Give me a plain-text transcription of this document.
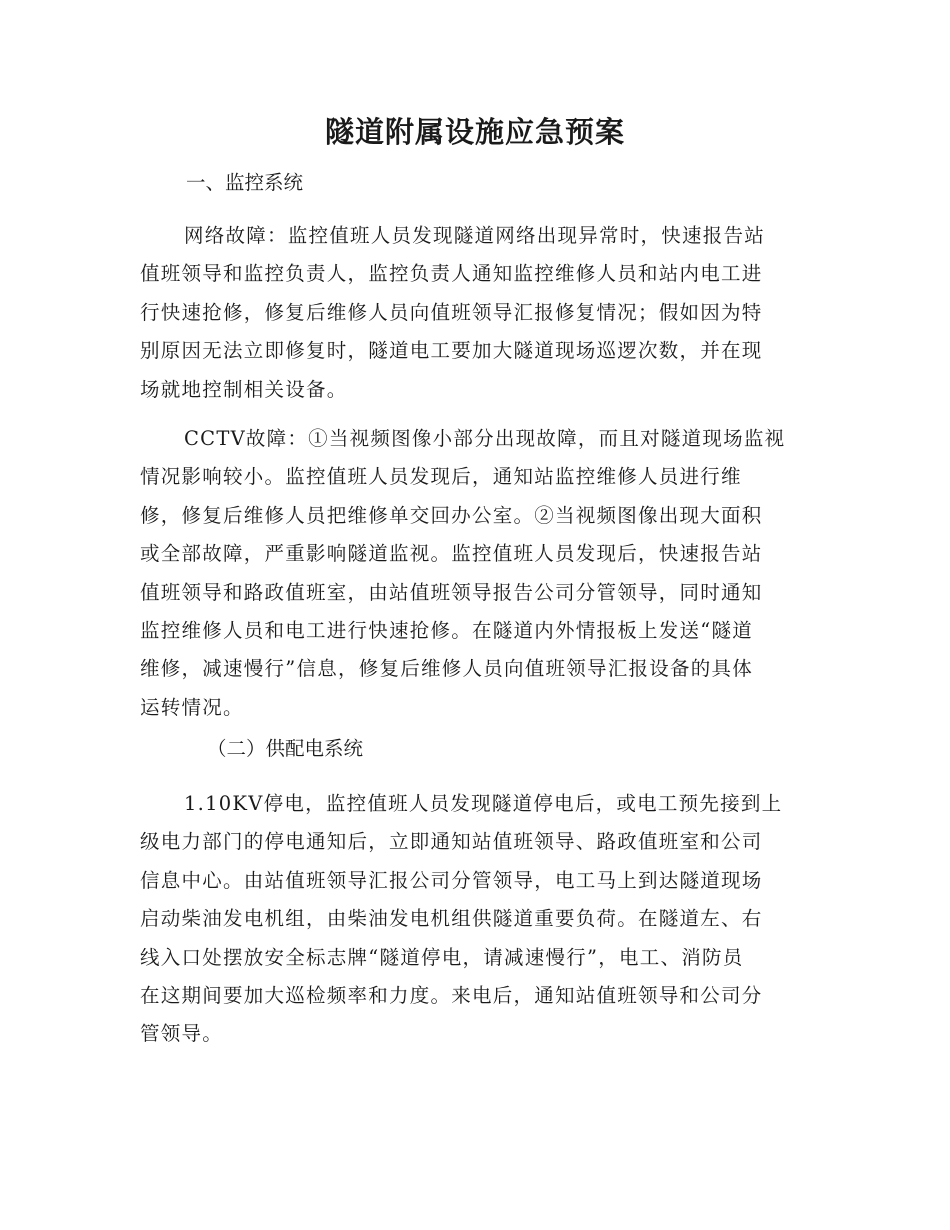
隧道附属设施应急预案
一、监控系统
网络故障：监控值班人员发现隧道网络出现异常时，快速报告站
值班领导和监控负责人，监控负责人通知监控维修人员和站内电工进
行快速抢修，修复后维修人员向值班领导汇报修复情况；假如因为特
别原因无法立即修复时，隧道电工要加大隧道现场巡逻次数，并在现
场就地控制相关设备。
CCTV故障：①当视频图像小部分出现故障，而且对隧道现场监视
情况影响较小。监控值班人员发现后，通知站监控维修人员进行维
修，修复后维修人员把维修单交回办公室。②当视频图像出现大面积
或全部故障，严重影响隧道监视。监控值班人员发现后，快速报告站
值班领导和路政值班室，由站值班领导报告公司分管领导，同时通知
监控维修人员和电工进行快速抢修。在隧道内外情报板上发送“隧道
维修，减速慢行”信息，修复后维修人员向值班领导汇报设备的具体
运转情况。
（二）供配电系统
1.10KV停电，监控值班人员发现隧道停电后，或电工预先接到上
级电力部门的停电通知后，立即通知站值班领导、路政值班室和公司
信息中心。由站值班领导汇报公司分管领导，电工马上到达隧道现场
启动柴油发电机组，由柴油发电机组供隧道重要负荷。在隧道左、右
线入口处摆放安全标志牌“隧道停电，请减速慢行”，电工、消防员
在这期间要加大巡检频率和力度。来电后，通知站值班领导和公司分
管领导。
